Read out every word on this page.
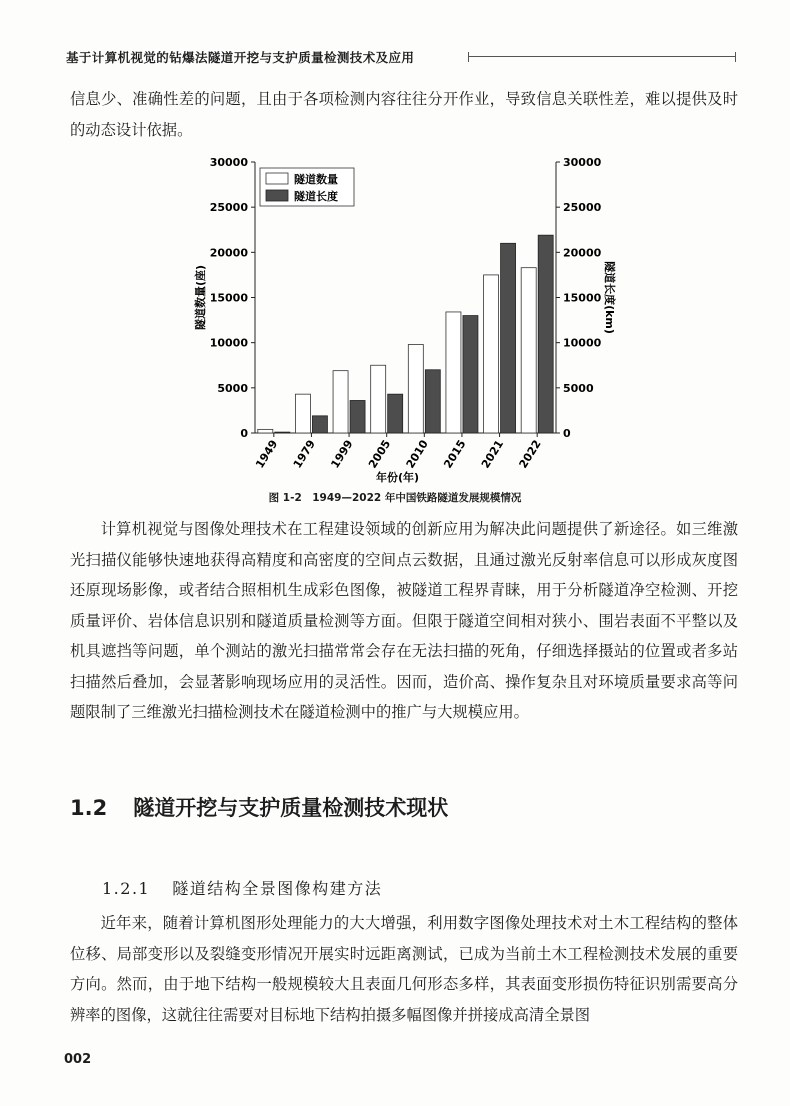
基于计算机视觉的钻爆法隧道开挖与支护质量检测技术及应用

信息少、准确性差的问题，且由于各项检测内容往往分开作业，导致信息关联性差，难以提供及时的动态设计依据。

0	0
5000	5000
10000	10000
15000	15000
20000	20000
25000	25000
30000	30000
1949 1979 1999 2005 2010 2015 2021 2022
年份(年)
隧道数量(座)	隧道长度(km)
隧道数量
隧道长度
图 1-2　1949—2022 年中国铁路隧道发展规模情况

计算机视觉与图像处理技术在工程建设领域的创新应用为解决此问题提供了新途径。如三维激光扫描仪能够快速地获得高精度和高密度的空间点云数据，且通过激光反射率信息可以形成灰度图还原现场影像，或者结合照相机生成彩色图像，被隧道工程界青睐，用于分析隧道净空检测、开挖质量评价、岩体信息识别和隧道质量检测等方面。但限于隧道空间相对狭小、围岩表面不平整以及机具遮挡等问题，单个测站的激光扫描常常会存在无法扫描的死角，仔细选择摄站的位置或者多站扫描然后叠加，会显著影响现场应用的灵活性。因而，造价高、操作复杂且对环境质量要求高等问题限制了三维激光扫描检测技术在隧道检测中的推广与大规模应用。

1.2 隧道开挖与支护质量检测技术现状
1.2.1 隧道结构全景图像构建方法

近年来，随着计算机图形处理能力的大大增强，利用数字图像处理技术对土木工程结构的整体位移、局部变形以及裂缝变形情况开展实时远距离测试，已成为当前土木工程检测技术发展的重要方向。然而，由于地下结构一般规模较大且表面几何形态多样，其表面变形损伤特征识别需要高分辨率的图像，这就往往需要对目标地下结构拍摄多幅图像并拼接成高清全景图

002
